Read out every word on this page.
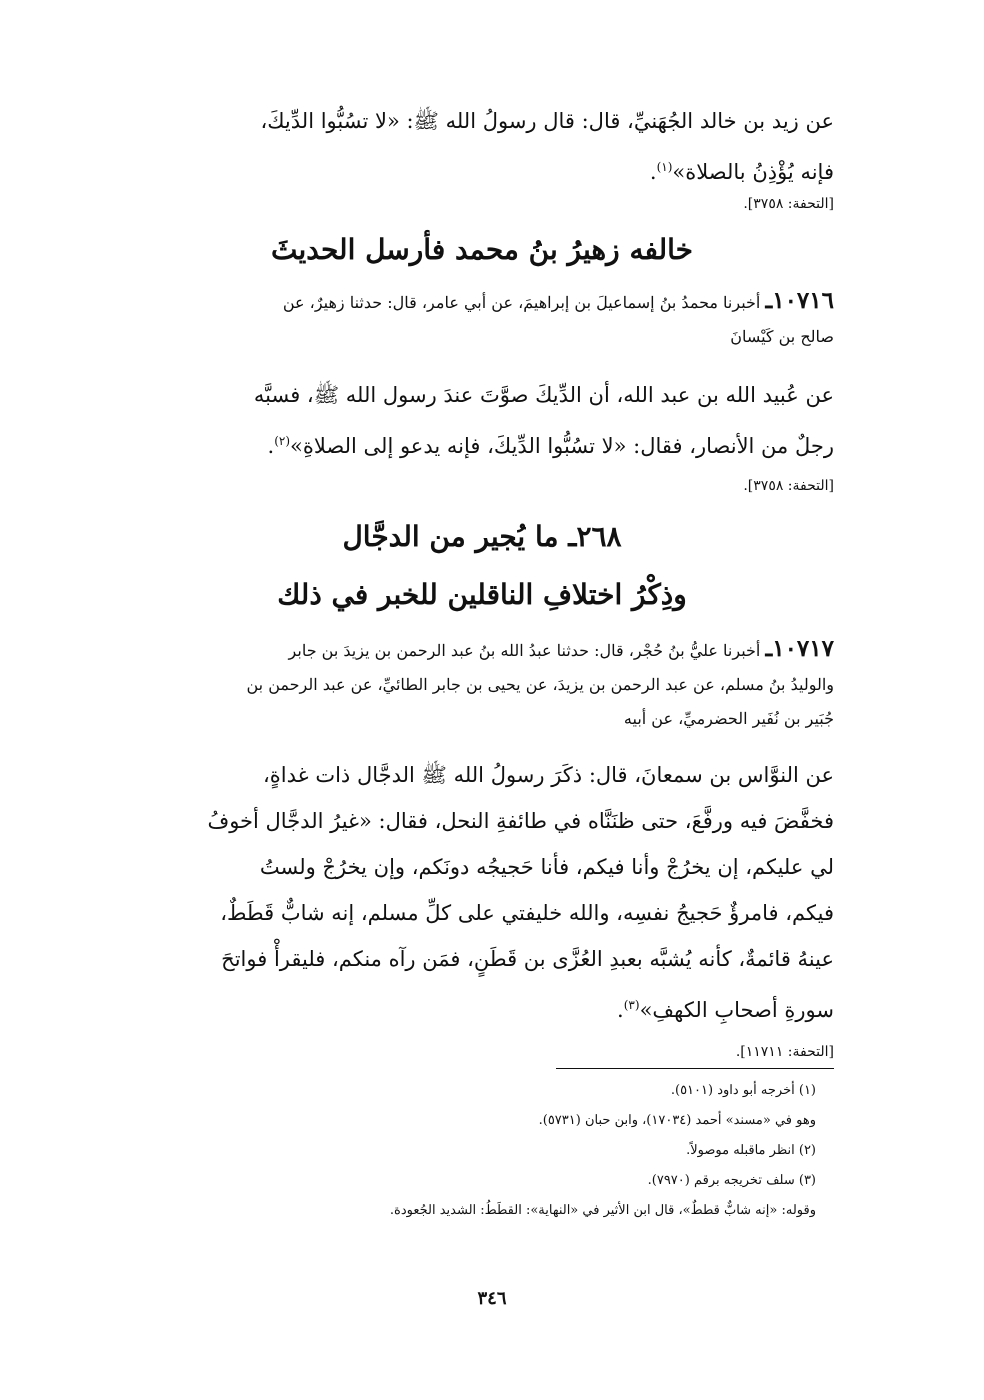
عن زيد بن خالد الجُهَنيِّ، قال: قال رسولُ الله ﷺ: «لا تسُبُّوا الدِّيكَ،
فإنه يُؤْذِنُ بالصلاة»$^{(١)}$.
[التحفة: ٣٧٥٨].
خالفه زهيرُ بنُ محمد فأرسل الحديثَ
١٠٧١٦ـ أخبرنا محمدُ بنُ إسماعيلَ بن إبراهيمَ، عن أبي عامر، قال: حدثنا زهيرٌ، عن
صالح بن كَيْسانَ
عن عُبيد الله بن عبد الله، أن الدِّيكَ صوَّتَ عندَ رسول الله ﷺ، فسبَّه
رجلٌ من الأنصار، فقال: «لا تسُبُّوا الدِّيكَ، فإنه يدعو إلى الصلاةِ»$^{(٢)}$.
[التحفة: ٣٧٥٨].
٢٦٨ـ ما يُجير من الدجَّال
وذِكْرُ اختلافِ الناقلين للخبر في ذلك
١٠٧١٧ـ أخبرنا عليُّ بنُ حُجْر، قال: حدثنا عبدُ الله بنُ عبد الرحمن بن يزيدَ بن جابر
والوليدُ بنُ مسلم، عن عبد الرحمن بن يزيدَ، عن يحيى بن جابر الطائيِّ، عن عبد الرحمن بن
جُبَير بن نُفَير الحضرميِّ، عن أبيه
عن النوَّاس بن سمعانَ، قال: ذكَرَ رسولُ الله ﷺ الدجَّال ذات غداةٍ،
فخفَّضَ فيه ورفَّعَ، حتى ظنَنَّاه في طائفةِ النحل، فقال: «غيرُ الدجَّال أخوفُ
لي عليكم، إن يخرُجْ وأنا فيكم، فأنا حَجيجُه دونَكم، وإن يخرُجْ ولستُ
فيكم، فامرؤٌ حَجيجُ نفسِه، والله خليفتي على كلِّ مسلم، إنه شابٌّ قَطَطٌ،
عينهُ قائمةٌ، كأنه يُشبَّه بعبدِ العُزَّى بن قَطَنٍ، فمَن رآه منكم، فليقرأْ فواتحَ
سورةِ أصحابِ الكهفِ»$^{(٣)}$.
[التحفة: ١١٧١١].
(١) أخرجه أبو داود (٥١٠١).
وهو في «مسند» أحمد (١٧٠٣٤)، وابن حبان (٥٧٣١).
(٢) انظر ماقبله موصولاً.
(٣) سلف تخريجه برقم (٧٩٧٠).
وقوله: «إنه شابٌّ قططٌ»، قال ابن الأثير في «النهاية»: القطَطُ: الشديد الجُعودة.
٣٤٦
